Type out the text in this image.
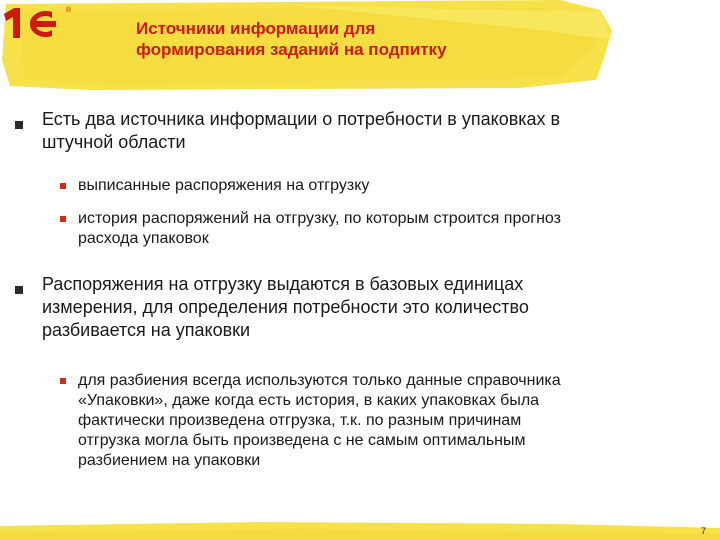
®
Источники информации для
формирования заданий на подпитку
Есть два источника информации о потребности в упаковках в
штучной области
выписанные распоряжения на отгрузку
история распоряжений на отгрузку, по которым строится прогноз
расхода упаковок
Распоряжения на отгрузку выдаются в базовых единицах
измерения, для определения потребности это количество
разбивается на упаковки
для разбиения всегда используются только данные справочника
«Упаковки», даже когда есть история, в каких упаковках была
фактически произведена отгрузка, т.к. по разным причинам
отгрузка могла быть произведена с не самым оптимальным
разбиением на упаковки
7
